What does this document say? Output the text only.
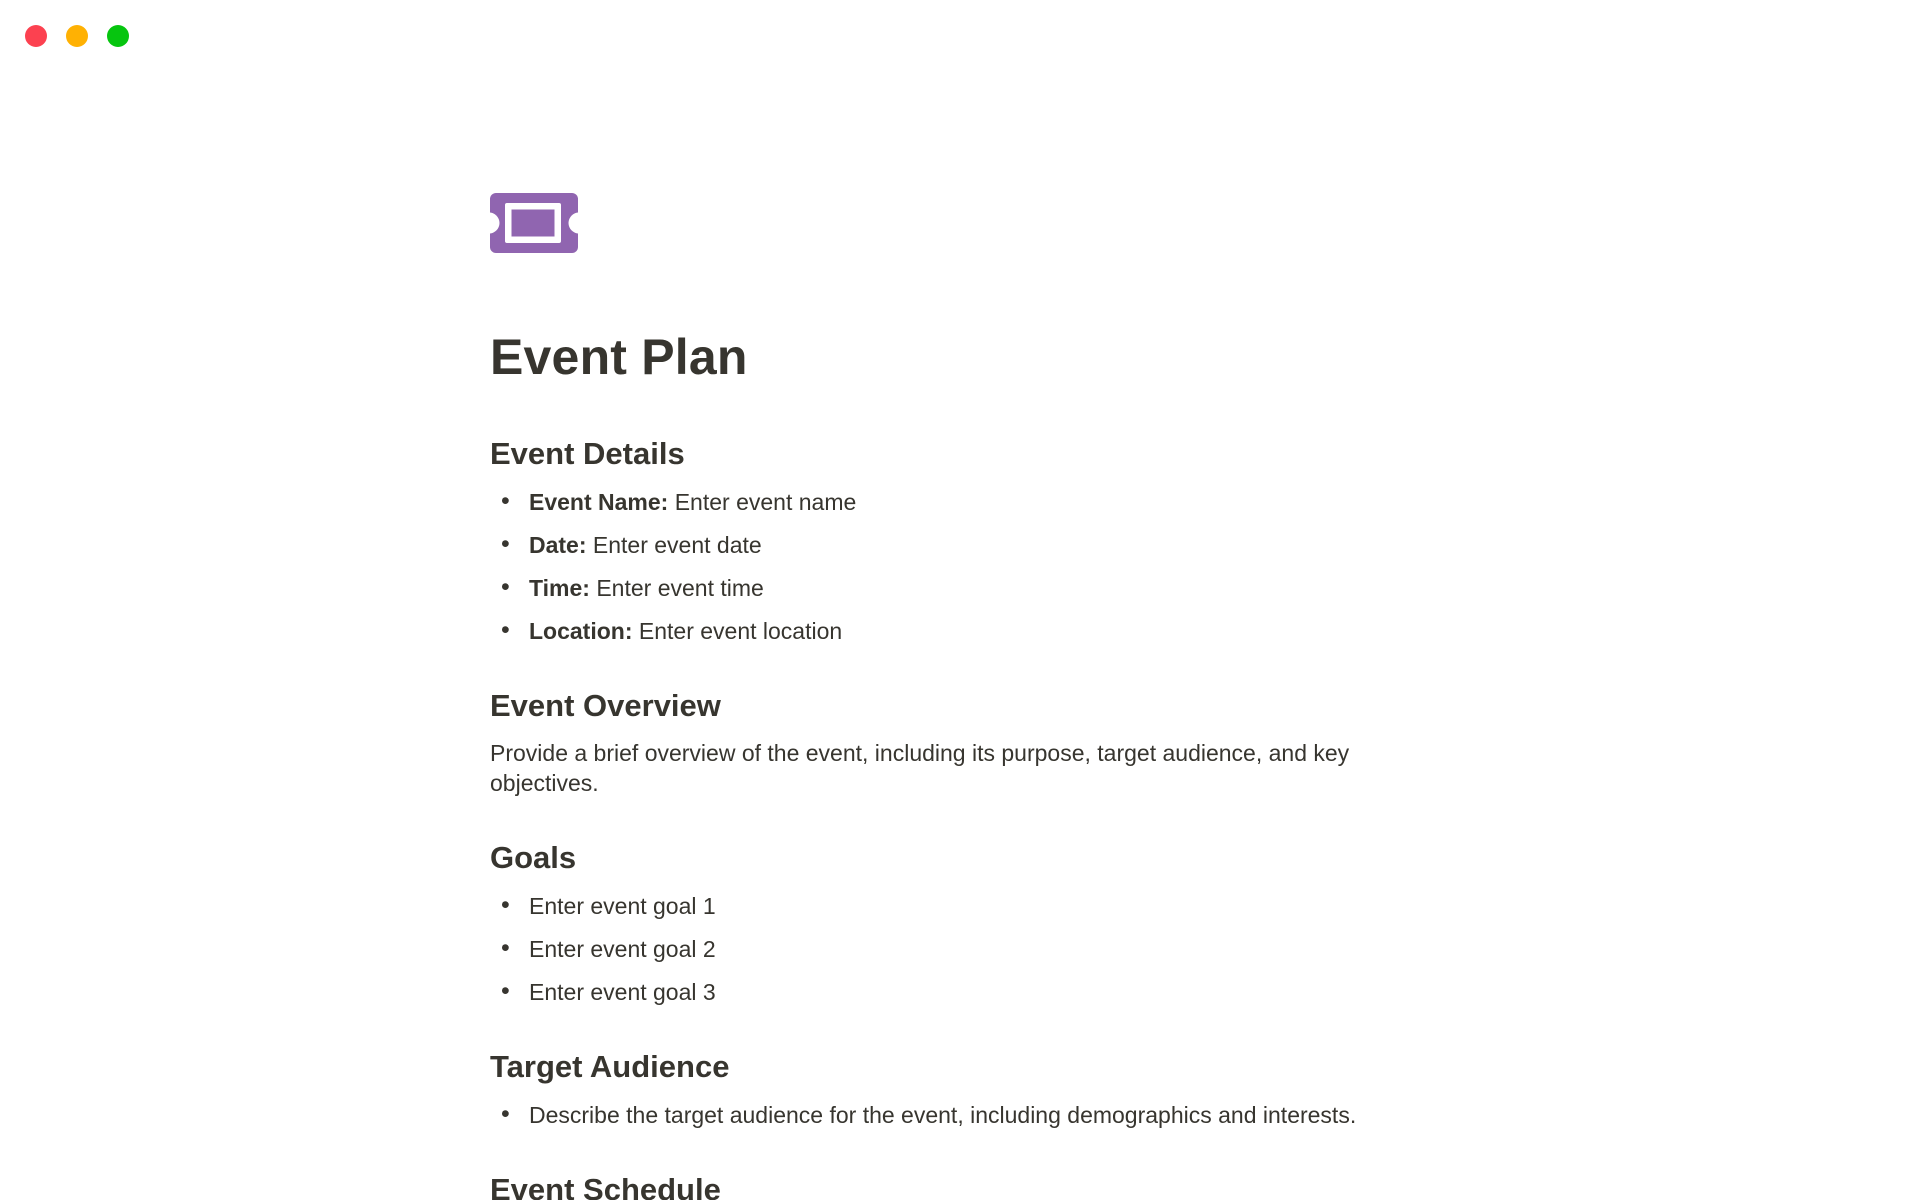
Event Plan
Event Details
• Event Name: Enter event name
• Date: Enter event date
• Time: Enter event time
• Location: Enter event location
Event Overview

Provide a brief overview of the event, including its purpose, target audience, and key objectives.

Goals
• Enter event goal 1
• Enter event goal 2
• Enter event goal 3
Target Audience
• Describe the target audience for the event, including demographics and interests.
Event Schedule
